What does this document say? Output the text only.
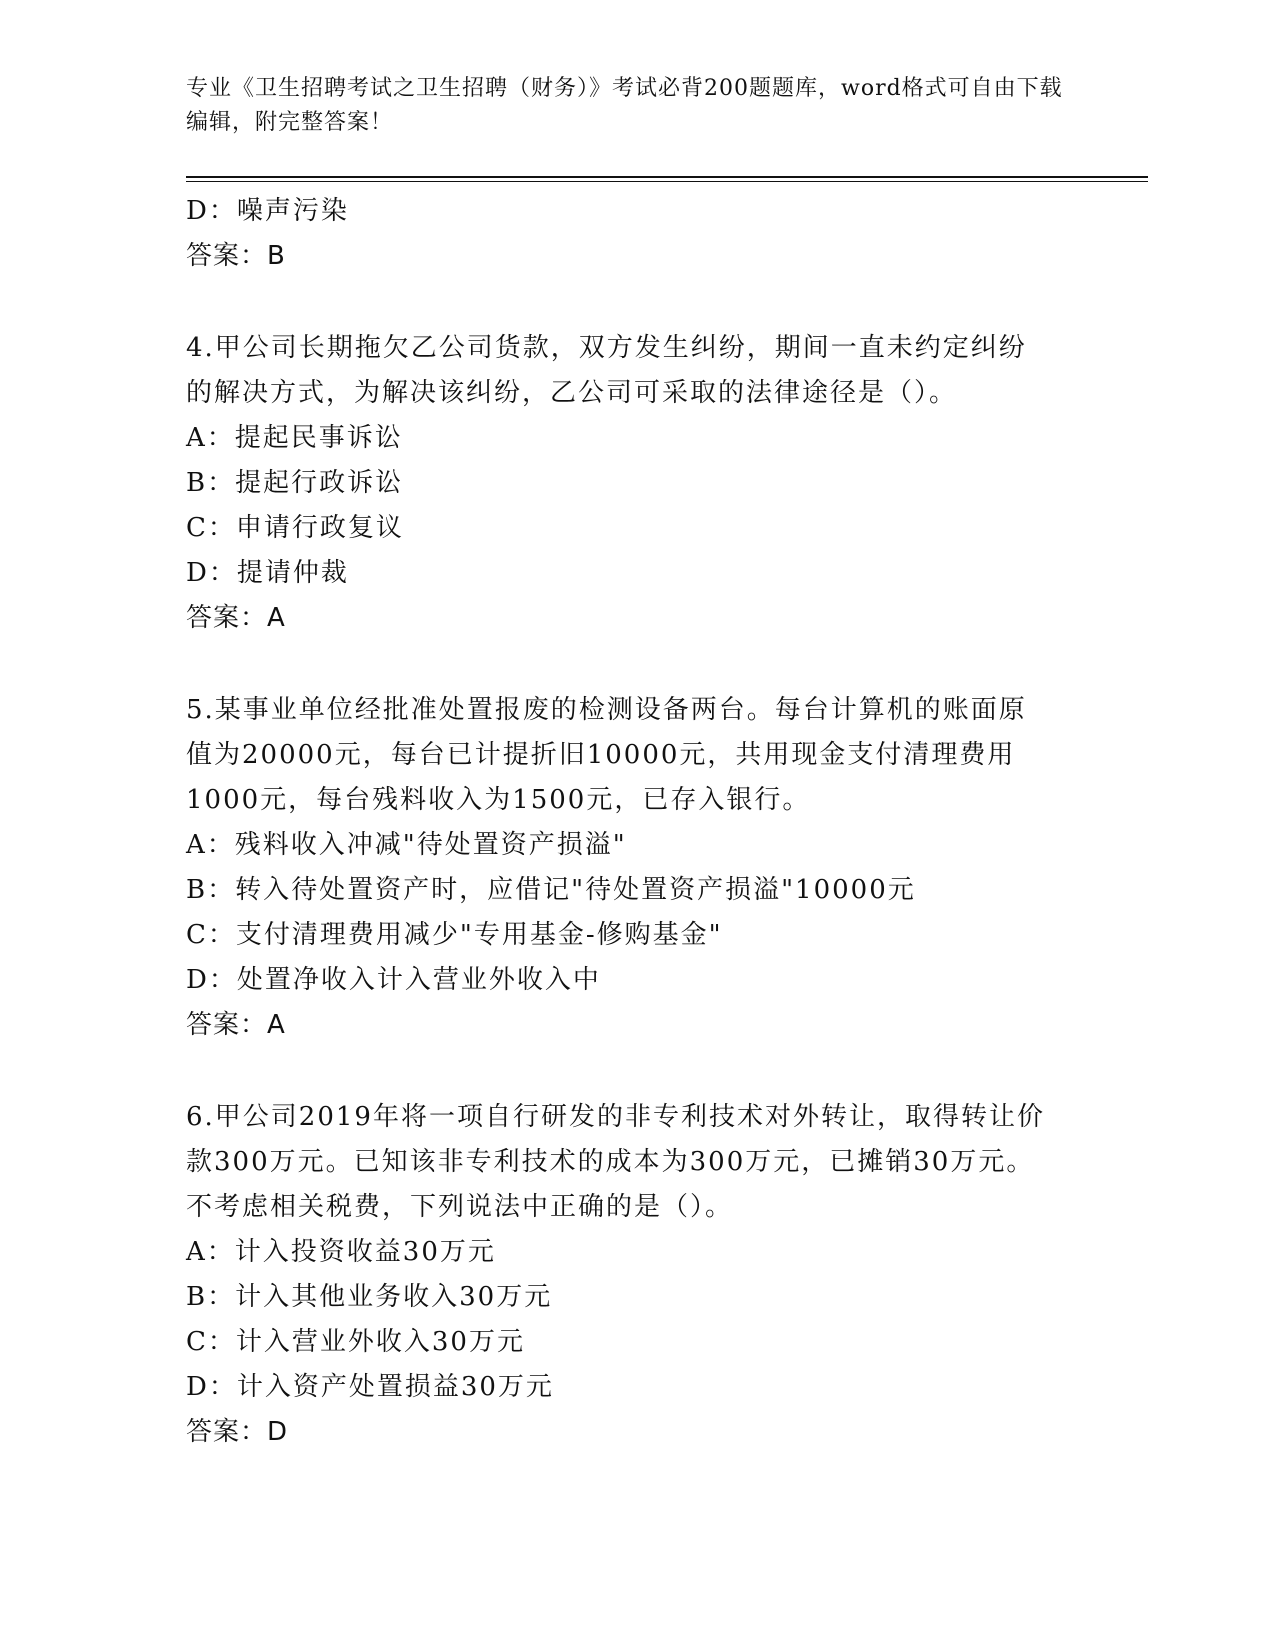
专业《卫生招聘考试之卫生招聘（财务）》考试必背200题题库，word格式可自由下载编辑，附完整答案！

D：噪声污染

答案：B

4.甲公司长期拖欠乙公司货款，双方发生纠纷，期间一直未约定纠纷

的解决方式，为解决该纠纷，乙公司可采取的法律途径是（）。

A：提起民事诉讼

B：提起行政诉讼

C：申请行政复议

D：提请仲裁

答案：A

5.某事业单位经批准处置报废的检测设备两台。每台计算机的账面原

值为20000元，每台已计提折旧10000元，共用现金支付清理费用

1000元，每台残料收入为1500元，已存入银行。

A：残料收入冲减"待处置资产损溢"

B：转入待处置资产时，应借记"待处置资产损溢"10000元

C：支付清理费用减少"专用基金-修购基金"

D：处置净收入计入营业外收入中

答案：A

6.甲公司2019年将一项自行研发的非专利技术对外转让，取得转让价

款300万元。已知该非专利技术的成本为300万元，已摊销30万元。

不考虑相关税费，下列说法中正确的是（）。

A：计入投资收益30万元

B：计入其他业务收入30万元

C：计入营业外收入30万元

D：计入资产处置损益30万元

答案：D
